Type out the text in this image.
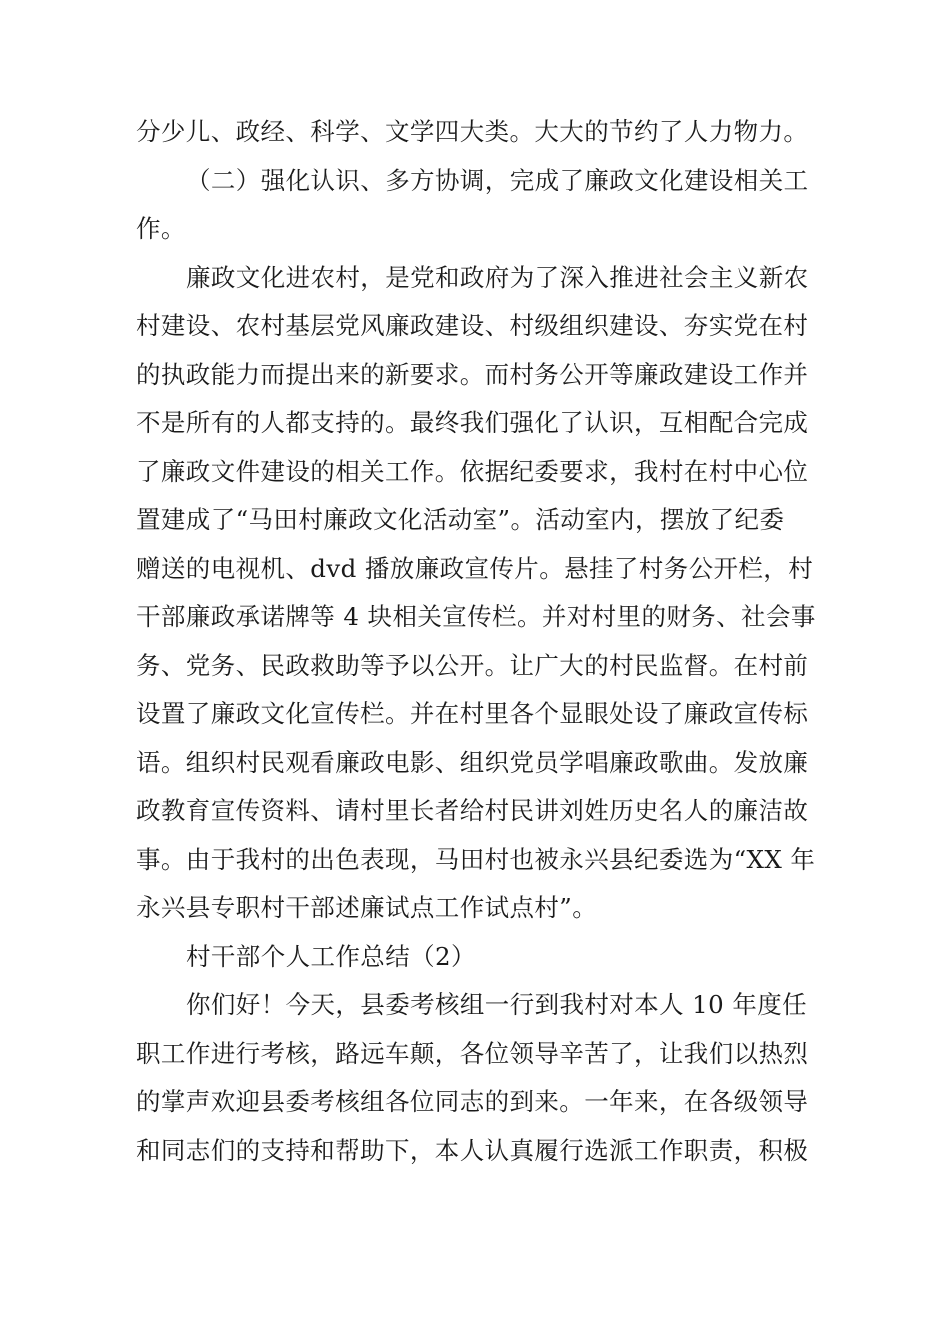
分少儿、政经、科学、文学四大类。大大的节约了人力物力。
（二）强化认识、多方协调，完成了廉政文化建设相关工
作。
廉政文化进农村，是党和政府为了深入推进社会主义新农
村建设、农村基层党风廉政建设、村级组织建设、夯实党在村
的执政能力而提出来的新要求。而村务公开等廉政建设工作并
不是所有的人都支持的。最终我们强化了认识，互相配合完成
了廉政文件建设的相关工作。依据纪委要求，我村在村中心位
置建成了“马田村廉政文化活动室”。活动室内，摆放了纪委
赠送的电视机、dvd 播放廉政宣传片。悬挂了村务公开栏，村
干部廉政承诺牌等 4 块相关宣传栏。并对村里的财务、社会事
务、党务、民政救助等予以公开。让广大的村民监督。在村前
设置了廉政文化宣传栏。并在村里各个显眼处设了廉政宣传标
语。组织村民观看廉政电影、组织党员学唱廉政歌曲。发放廉
政教育宣传资料、请村里长者给村民讲刘姓历史名人的廉洁故
事。由于我村的出色表现，马田村也被永兴县纪委选为“XX 年
永兴县专职村干部述廉试点工作试点村”。
村干部个人工作总结（2）
你们好！今天，县委考核组一行到我村对本人 10 年度任
职工作进行考核，路远车颠，各位领导辛苦了，让我们以热烈
的掌声欢迎县委考核组各位同志的到来。一年来，在各级领导
和同志们的支持和帮助下，本人认真履行选派工作职责，积极
